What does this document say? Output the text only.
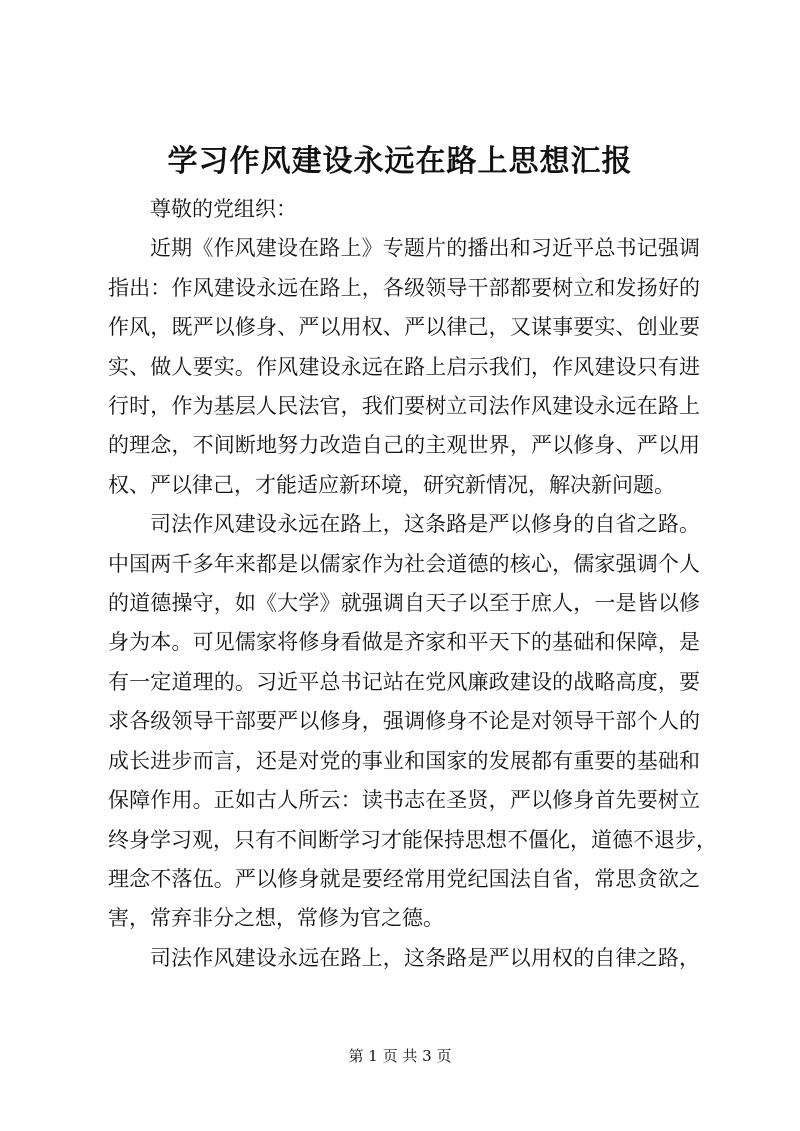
学习作风建设永远在路上思想汇报

尊敬的党组织：

近期《作风建设在路上》专题片的播出和习近平总书记强调

指出：作风建设永远在路上，各级领导干部都要树立和发扬好的

作风，既严以修身、严以用权、严以律己，又谋事要实、创业要

实、做人要实。作风建设永远在路上启示我们，作风建设只有进

行时，作为基层人民法官，我们要树立司法作风建设永远在路上

的理念，不间断地努力改造自己的主观世界，严以修身、严以用

权、严以律己，才能适应新环境，研究新情况，解决新问题。

司法作风建设永远在路上，这条路是严以修身的自省之路。

中国两千多年来都是以儒家作为社会道德的核心，儒家强调个人

的道德操守，如《大学》就强调自天子以至于庶人，一是皆以修

身为本。可见儒家将修身看做是齐家和平天下的基础和保障，是

有一定道理的。习近平总书记站在党风廉政建设的战略高度，要

求各级领导干部要严以修身，强调修身不论是对领导干部个人的

成长进步而言，还是对党的事业和国家的发展都有重要的基础和

保障作用。正如古人所云：读书志在圣贤，严以修身首先要树立

终身学习观，只有不间断学习才能保持思想不僵化，道德不退步，

理念不落伍。严以修身就是要经常用党纪国法自省，常思贪欲之

害，常弃非分之想，常修为官之德。

司法作风建设永远在路上，这条路是严以用权的自律之路，

第 1 页 共 3 页
